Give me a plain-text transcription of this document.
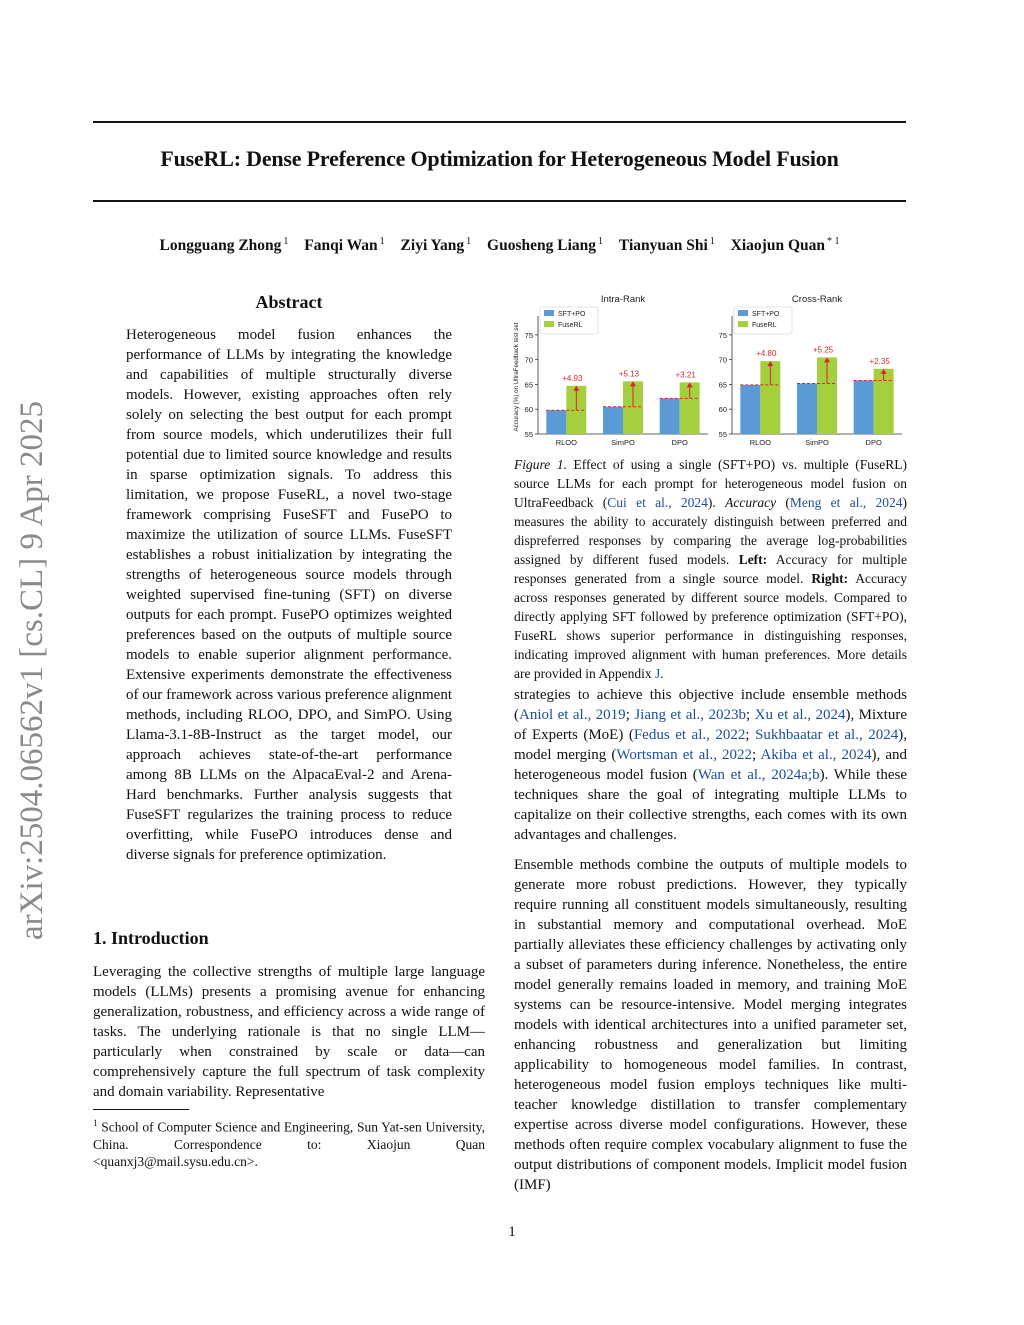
FuseRL: Dense Preference Optimization for Heterogeneous Model Fusion
Longguang Zhong $^1$ Fanqi Wan $^1$ Ziyi Yang $^1$ Guosheng Liang $^1$ Tianyuan Shi $^1$ Xiaojun Quan $^{* 1}$
arXiv:2504.06562v1 [cs.CL] 9 Apr 2025
Abstract

Heterogeneous model fusion enhances the performance of LLMs by integrating the knowledge and capabilities of multiple structurally diverse models. However, existing approaches often rely solely on selecting the best output for each prompt from source models, which underutilizes their full potential due to limited source knowledge and results in sparse optimization signals. To address this limitation, we propose FuseRL, a novel two-stage framework comprising FuseSFT and FusePO to maximize the utilization of source LLMs. FuseSFT establishes a robust initialization by integrating the strengths of heterogeneous source models through weighted supervised fine-tuning (SFT) on diverse outputs for each prompt. FusePO optimizes weighted preferences based on the outputs of multiple source models to enable superior alignment performance. Extensive experiments demonstrate the effectiveness of our framework across various preference alignment methods, including RLOO, DPO, and SimPO. Using Llama-3.1-8B-Instruct as the target model, our approach achieves state-of-the-art performance among 8B LLMs on the AlpacaEval-2 and Arena-Hard benchmarks. Further analysis suggests that FuseSFT regularizes the training process to reduce overfitting, while FusePO introduces dense and diverse signals for preference optimization.

1. Introduction

Leveraging the collective strengths of multiple large language models (LLMs) presents a promising avenue for enhancing generalization, robustness, and efficiency across a wide range of tasks. The underlying rationale is that no single LLM—particularly when constrained by scale or data—can comprehensively capture the full spectrum of task complexity and domain variability. Representative

$^1$ School of Computer Science and Engineering, Sun Yat-sen University, China. Correspondence to: Xiaojun Quan <quanxj3@mail.sysu.edu.cn>.

Intra-Rank
55
60
65
70
75
Accuracy (%) on UltraFeedback test set	+4.93
RLOO
+5.13
SimPO
+3.21
DPO
SFT+PO
FuseRL
Cross-Rank
55
60
65
70
75
+4.80
RLOO
+5.25
SimPO
+2.35
DPO
SFT+PO
FuseRL

Figure 1. Effect of using a single (SFT+PO) vs. multiple (FuseRL) source LLMs for each prompt for heterogeneous model fusion on UltraFeedback (Cui et al., 2024). Accuracy (Meng et al., 2024) measures the ability to accurately distinguish between preferred and dispreferred responses by comparing the average log-probabilities assigned by different fused models. Left: Accuracy for multiple responses generated from a single source model. Right: Accuracy across responses generated by different source models. Compared to directly applying SFT followed by preference optimization (SFT+PO), FuseRL shows superior performance in distinguishing responses, indicating improved alignment with human preferences. More details are provided in Appendix J.

strategies to achieve this objective include ensemble methods (Aniol et al., 2019; Jiang et al., 2023b; Xu et al., 2024), Mixture of Experts (MoE) (Fedus et al., 2022; Sukhbaatar et al., 2024), model merging (Wortsman et al., 2022; Akiba et al., 2024), and heterogeneous model fusion (Wan et al., 2024a;b). While these techniques share the goal of integrating multiple LLMs to capitalize on their collective strengths, each comes with its own advantages and challenges.

Ensemble methods combine the outputs of multiple models to generate more robust predictions. However, they typically require running all constituent models simultaneously, resulting in substantial memory and computational overhead. MoE partially alleviates these efficiency challenges by activating only a subset of parameters during inference. Nonetheless, the entire model generally remains loaded in memory, and training MoE systems can be resource-intensive. Model merging integrates models with identical architectures into a unified parameter set, enhancing robustness and generalization but limiting applicability to homogeneous model families. In contrast, heterogeneous model fusion employs techniques like multi-teacher knowledge distillation to transfer complementary expertise across diverse model configurations. However, these methods often require complex vocabulary alignment to fuse the output distributions of component models. Implicit model fusion (IMF)

1
